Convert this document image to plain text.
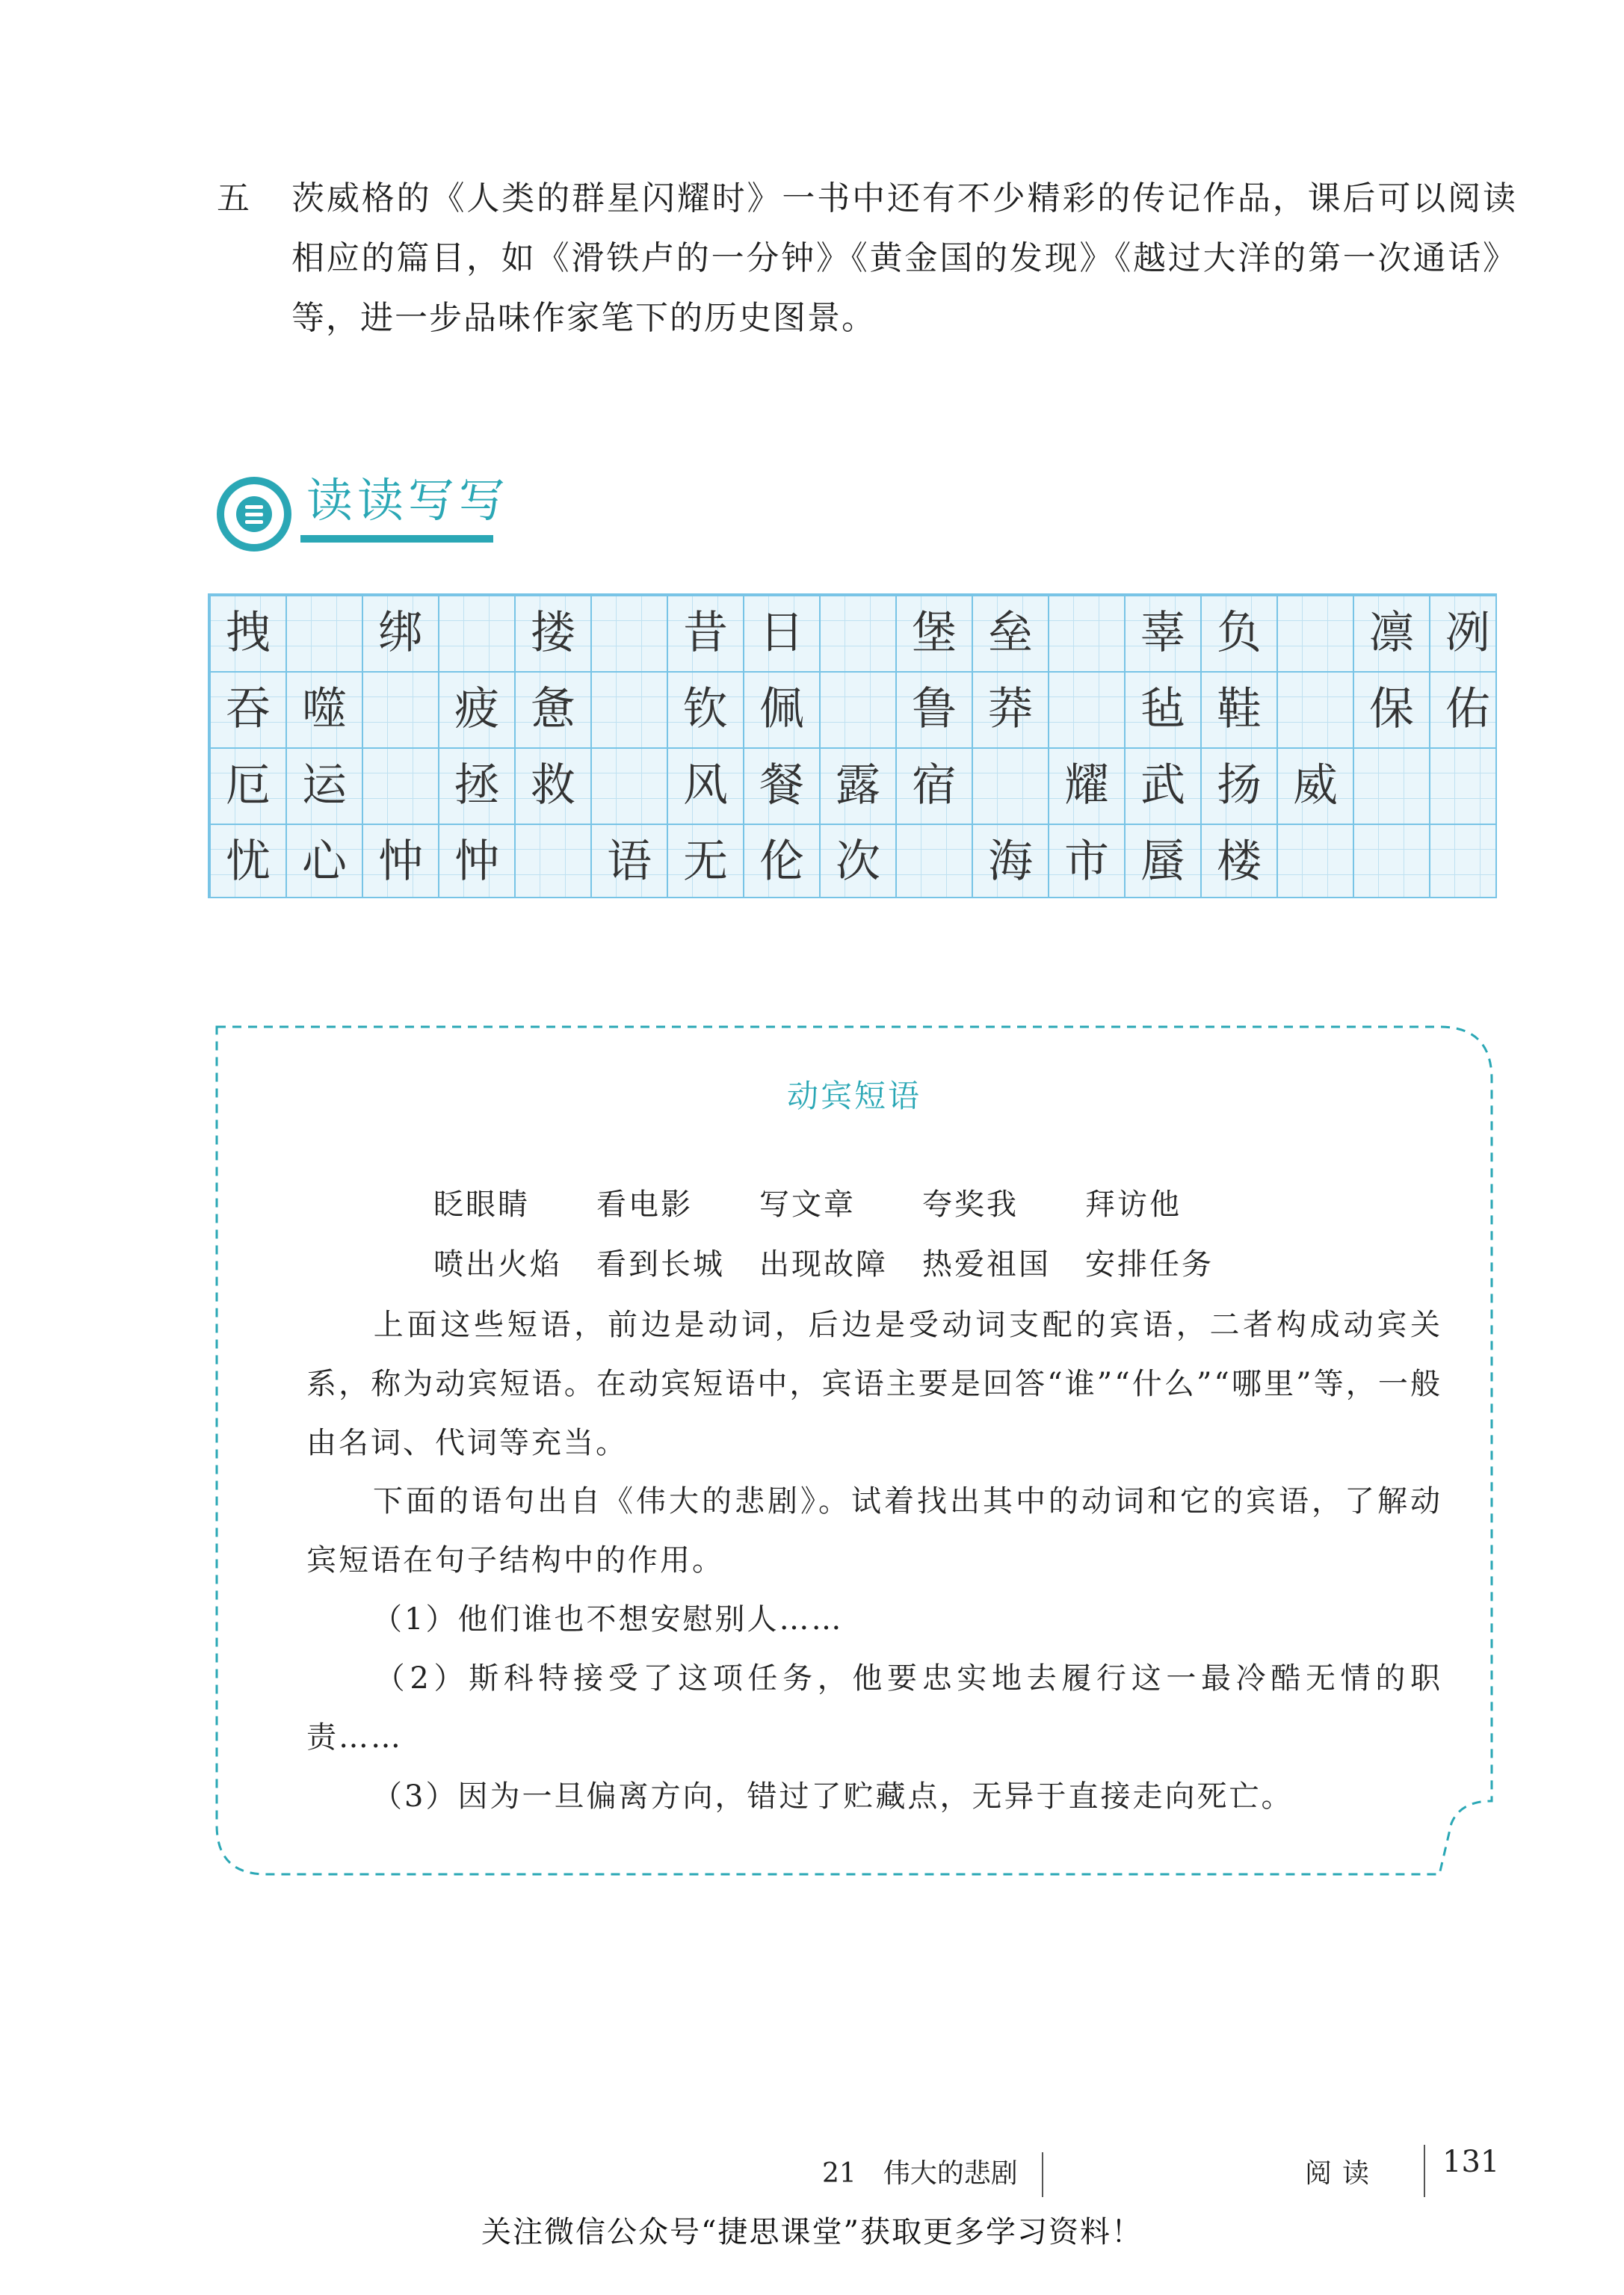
五 茨威格的《人类的群星闪耀时》一书中还有不少精彩的传记作品，课后可以阅读相应的篇目，如《滑铁卢的一分钟》《黄金国的发现》《越过大洋的第一次通话》等，进一步品味作家笔下的历史图景。
读读写写
拽 绑 搂 昔日 堡垒 辜负 凛冽
吞噬 疲惫 钦佩 鲁莽 毡鞋 保佑
厄运 拯救 风餐露宿 耀武扬威
忧心忡忡 语无伦次 海市蜃楼
动宾短语
眨眼睛 看电影 写文章 夸奖我 拜访他
喷出火焰 看到长城 出现故障 热爱祖国 安排任务
上面这些短语，前边是动词，后边是受动词支配的宾语，二者构成动宾关系，称为动宾短语。在动宾短语中，宾语主要是回答“谁”“什么”“哪里”等，一般由名词、代词等充当。
下面的语句出自《伟大的悲剧》。试着找出其中的动词和它的宾语，了解动宾短语在句子结构中的作用。
（1）他们谁也不想安慰别人……
（2）斯科特接受了这项任务，他要忠实地去履行这一最冷酷无情的职责……
（3）因为一旦偏离方向，错过了贮藏点，无异于直接走向死亡。
21　伟大的悲剧	阅读 131
关注微信公众号“捷思课堂”获取更多学习资料！
